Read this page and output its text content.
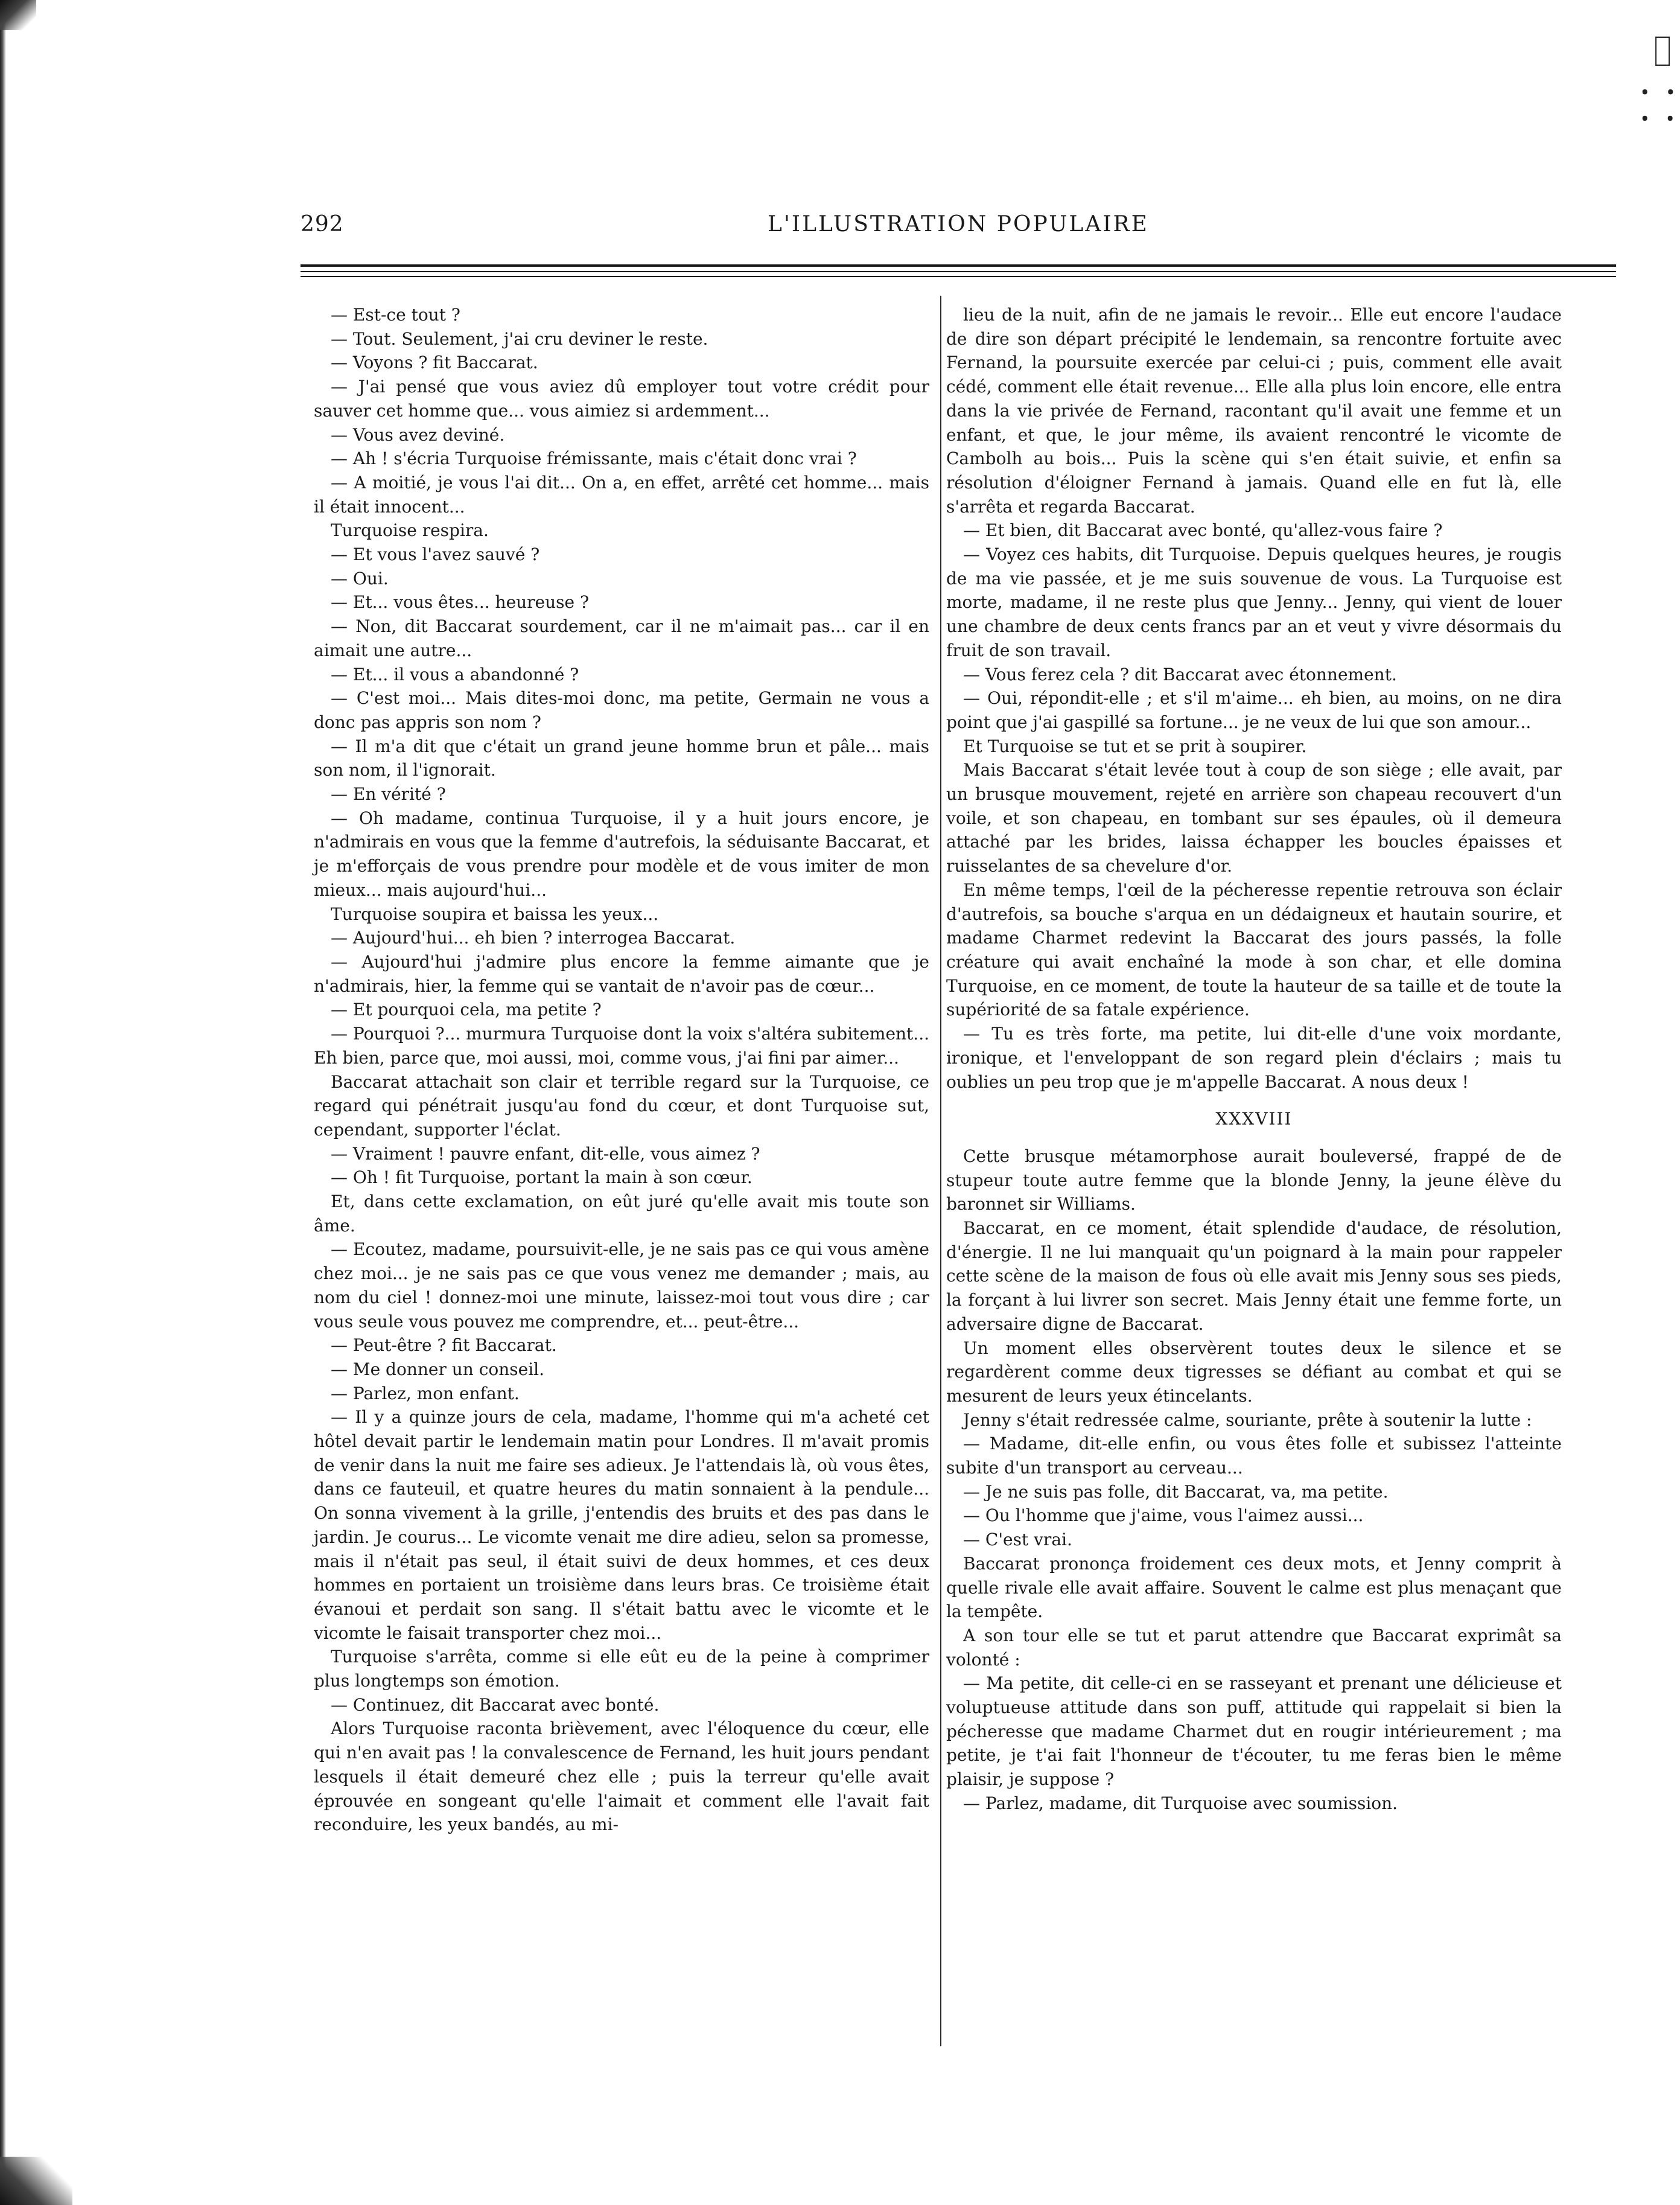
⌷
⸬
292	L'ILLUSTRATION POPULAIRE

— Est-ce tout ?

— Tout. Seulement, j'ai cru deviner le reste.

— Voyons ? fit Baccarat.

— J'ai pensé que vous aviez dû employer tout votre crédit pour sauver cet homme que... vous aimiez si ardemment...

— Vous avez deviné.

— Ah ! s'écria Turquoise frémissante, mais c'était donc vrai ?

— A moitié, je vous l'ai dit... On a, en effet, arrêté cet homme... mais il était innocent...

Turquoise respira.

— Et vous l'avez sauvé ?

— Oui.

— Et... vous êtes... heureuse ?

— Non, dit Baccarat sourdement, car il ne m'aimait pas... car il en aimait une autre...

— Et... il vous a abandonné ?

— C'est moi... Mais dites-moi donc, ma petite, Germain ne vous a donc pas appris son nom ?

— Il m'a dit que c'était un grand jeune homme brun et pâle... mais son nom, il l'ignorait.

— En vérité ?

— Oh madame, continua Turquoise, il y a huit jours encore, je n'admirais en vous que la femme d'autrefois, la séduisante Baccarat, et je m'efforçais de vous prendre pour modèle et de vous imiter de mon mieux... mais aujourd'hui...

Turquoise soupira et baissa les yeux...

— Aujourd'hui... eh bien ? interrogea Baccarat.

— Aujourd'hui j'admire plus encore la femme aimante que je n'admirais, hier, la femme qui se vantait de n'avoir pas de cœur...

— Et pourquoi cela, ma petite ?

— Pourquoi ?... murmura Turquoise dont la voix s'altéra subitement... Eh bien, parce que, moi aussi, moi, comme vous, j'ai fini par aimer...

Baccarat attachait son clair et terrible regard sur la Turquoise, ce regard qui pénétrait jusqu'au fond du cœur, et dont Turquoise sut, cependant, supporter l'éclat.

— Vraiment ! pauvre enfant, dit-elle, vous aimez ?

— Oh ! fit Turquoise, portant la main à son cœur.

Et, dans cette exclamation, on eût juré qu'elle avait mis toute son âme.

— Ecoutez, madame, poursuivit-elle, je ne sais pas ce qui vous amène chez moi... je ne sais pas ce que vous venez me demander ; mais, au nom du ciel ! donnez-moi une minute, laissez-moi tout vous dire ; car vous seule vous pouvez me comprendre, et... peut-être...

— Peut-être ? fit Baccarat.

— Me donner un conseil.

— Parlez, mon enfant.

— Il y a quinze jours de cela, madame, l'homme qui m'a acheté cet hôtel devait partir le lendemain matin pour Londres. Il m'avait promis de venir dans la nuit me faire ses adieux. Je l'attendais là, où vous êtes, dans ce fauteuil, et quatre heures du matin sonnaient à la pendule... On sonna vivement à la grille, j'entendis des bruits et des pas dans le jardin. Je courus... Le vicomte venait me dire adieu, selon sa promesse, mais il n'était pas seul, il était suivi de deux hommes, et ces deux hommes en portaient un troisième dans leurs bras. Ce troisième était évanoui et perdait son sang. Il s'était battu avec le vicomte et le vicomte le faisait transporter chez moi...

Turquoise s'arrêta, comme si elle eût eu de la peine à comprimer plus longtemps son émotion.

— Continuez, dit Baccarat avec bonté.

Alors Turquoise raconta brièvement, avec l'éloquence du cœur, elle qui n'en avait pas ! la convalescence de Fernand, les huit jours pendant lesquels il était demeuré chez elle ; puis la terreur qu'elle avait éprouvée en songeant qu'elle l'aimait et comment elle l'avait fait reconduire, les yeux bandés, au mi-

lieu de la nuit, afin de ne jamais le revoir... Elle eut encore l'audace de dire son départ précipité le lendemain, sa rencontre fortuite avec Fernand, la poursuite exercée par celui-ci ; puis, comment elle avait cédé, comment elle était revenue... Elle alla plus loin encore, elle entra dans la vie privée de Fernand, racontant qu'il avait une femme et un enfant, et que, le jour même, ils avaient rencontré le vicomte de Cambolh au bois... Puis la scène qui s'en était suivie, et enfin sa résolution d'éloigner Fernand à jamais. Quand elle en fut là, elle s'arrêta et regarda Baccarat.

— Et bien, dit Baccarat avec bonté, qu'allez-vous faire ?

— Voyez ces habits, dit Turquoise. Depuis quelques heures, je rougis de ma vie passée, et je me suis souvenue de vous. La Turquoise est morte, madame, il ne reste plus que Jenny... Jenny, qui vient de louer une chambre de deux cents francs par an et veut y vivre désormais du fruit de son travail.

— Vous ferez cela ? dit Baccarat avec étonnement.

— Oui, répondit-elle ; et s'il m'aime... eh bien, au moins, on ne dira point que j'ai gaspillé sa fortune... je ne veux de lui que son amour...

Et Turquoise se tut et se prit à soupirer.

Mais Baccarat s'était levée tout à coup de son siège ; elle avait, par un brusque mouvement, rejeté en arrière son chapeau recouvert d'un voile, et son chapeau, en tombant sur ses épaules, où il demeura attaché par les brides, laissa échapper les boucles épaisses et ruisselantes de sa chevelure d'or.

En même temps, l'œil de la pécheresse repentie retrouva son éclair d'autrefois, sa bouche s'arqua en un dédaigneux et hautain sourire, et madame Charmet redevint la Baccarat des jours passés, la folle créature qui avait enchaîné la mode à son char, et elle domina Turquoise, en ce moment, de toute la hauteur de sa taille et de toute la supériorité de sa fatale expérience.

— Tu es très forte, ma petite, lui dit-elle d'une voix mordante, ironique, et l'enveloppant de son regard plein d'éclairs ; mais tu oublies un peu trop que je m'appelle Baccarat. A nous deux !

XXXVIII

Cette brusque métamorphose aurait bouleversé, frappé de de stupeur toute autre femme que la blonde Jenny, la jeune élève du baronnet sir Williams.

Baccarat, en ce moment, était splendide d'audace, de résolution, d'énergie. Il ne lui manquait qu'un poignard à la main pour rappeler cette scène de la maison de fous où elle avait mis Jenny sous ses pieds, la forçant à lui livrer son secret. Mais Jenny était une femme forte, un adversaire digne de Baccarat.

Un moment elles observèrent toutes deux le silence et se regardèrent comme deux tigresses se défiant au combat et qui se mesurent de leurs yeux étincelants.

Jenny s'était redressée calme, souriante, prête à soutenir la lutte :

— Madame, dit-elle enfin, ou vous êtes folle et subissez l'atteinte subite d'un transport au cerveau...

— Je ne suis pas folle, dit Baccarat, va, ma petite.

— Ou l'homme que j'aime, vous l'aimez aussi...

— C'est vrai.

Baccarat prononça froidement ces deux mots, et Jenny comprit à quelle rivale elle avait affaire. Souvent le calme est plus menaçant que la tempête.

A son tour elle se tut et parut attendre que Baccarat exprimât sa volonté :

— Ma petite, dit celle-ci en se rasseyant et prenant une délicieuse et voluptueuse attitude dans son puff, attitude qui rappelait si bien la pécheresse que madame Charmet dut en rougir intérieurement ; ma petite, je t'ai fait l'honneur de t'écouter, tu me feras bien le même plaisir, je suppose ?

— Parlez, madame, dit Turquoise avec soumission.
